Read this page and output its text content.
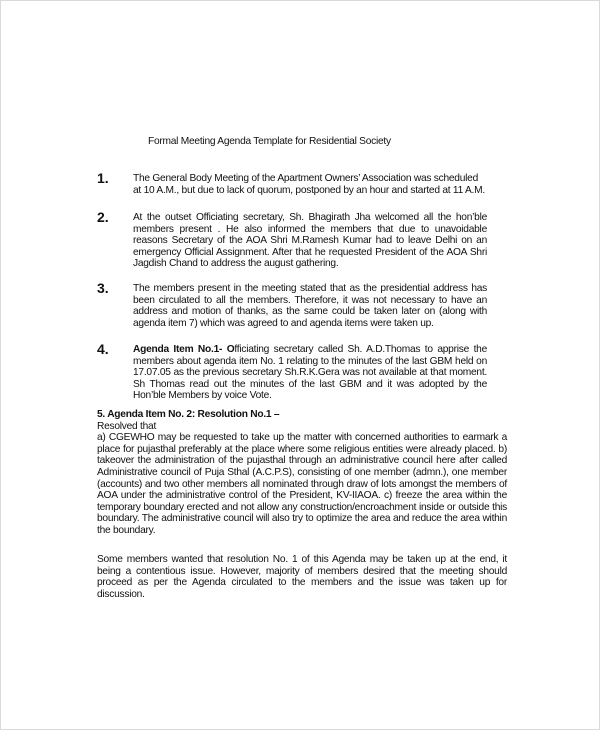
Formal Meeting Agenda Template for Residential Society
1. The General Body Meeting of the Apartment Owners’ Association was scheduled at 10 A.M., but due to lack of quorum, postponed by an hour and started at 11 A.M.
2. At the outset Officiating secretary, Sh. Bhagirath Jha welcomed all the hon’ble members present . He also informed the members that due to unavoidable reasons Secretary of the AOA Shri M.Ramesh Kumar had to leave Delhi on an emergency Official Assignment. After that he requested President of the AOA Shri Jagdish Chand to address the august gathering.
3. The members present in the meeting stated that as the presidential address has been circulated to all the members. Therefore, it was not necessary to have an address and motion of thanks, as the same could be taken later on (along with agenda item 7) which was agreed to and agenda items were taken up.
4. Agenda Item No.1- Officiating secretary called Sh. A.D.Thomas to apprise the members about agenda item No. 1 relating to the minutes of the last GBM held on 17.07.05 as the previous secretary Sh.R.K.Gera was not available at that moment. Sh Thomas read out the minutes of the last GBM and it was adopted by the Hon’ble Members by voice Vote.
5. Agenda Item No. 2: Resolution No.1 –
Resolved that
a) CGEWHO may be requested to take up the matter with concerned authorities to earmark a place for pujasthal preferably at the place where some religious entities were already placed. b) takeover the administration of the pujasthal through an administrative council here after called Administrative council of Puja Sthal (A.C.P.S), consisting of one member (admn.), one member (accounts) and two other members all nominated through draw of lots amongst the members of AOA under the administrative control of the President, KV-IIAOA. c) freeze the area within the temporary boundary erected and not allow any construction/encroachment inside or outside this boundary. The administrative council will also try to optimize the area and reduce the area within the boundary.
Some members wanted that resolution No. 1 of this Agenda may be taken up at the end, it being a contentious issue. However, majority of members desired that the meeting should proceed as per the Agenda circulated to the members and the issue was taken up for discussion.
